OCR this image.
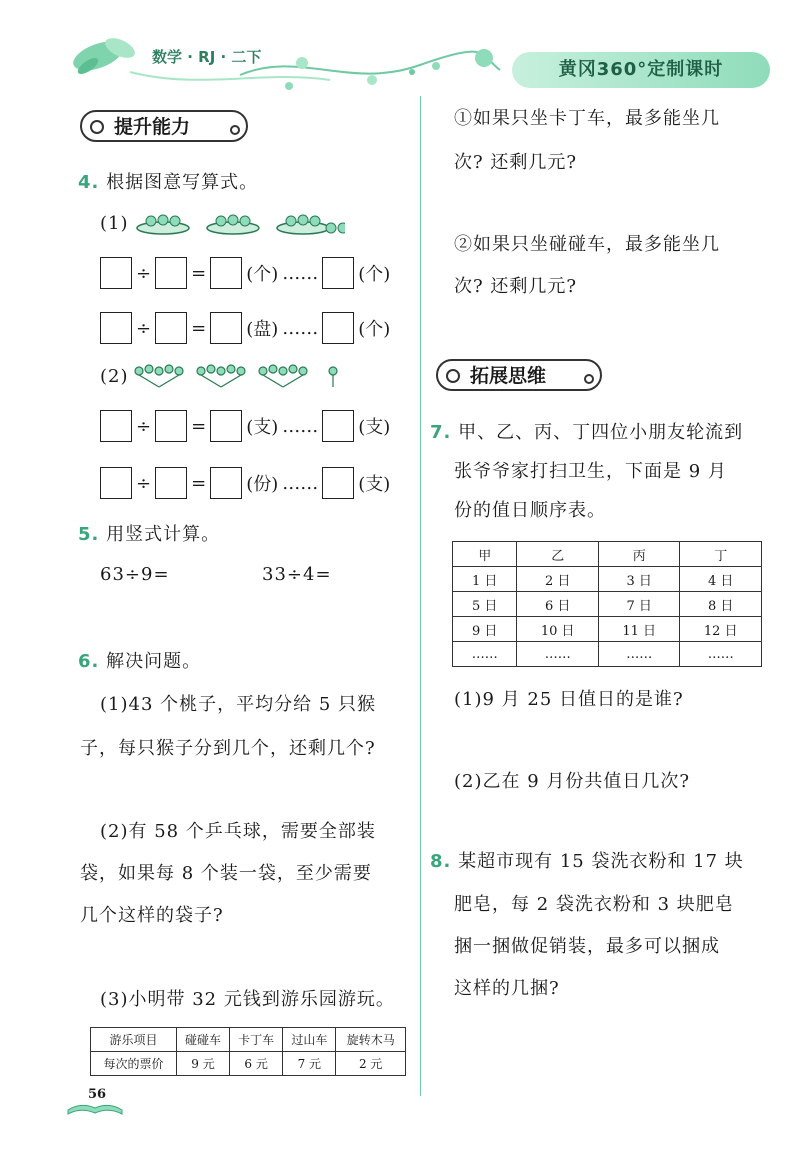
数学 · RJ · 二下
黄冈360°定制课时
提升能力
4. 根据图意写算式。
(1)
÷ = (个) …… (个)
÷ = (盘) …… (个)
(2)
÷ = (支) …… (支)
÷ = (份) …… (支)
5. 用竖式计算。
63÷9=	33÷4=
6. 解决问题。
(1)43 个桃子，平均分给 5 只猴
子，每只猴子分到几个，还剩几个?
(2)有 58 个乒乓球，需要全部装
袋，如果每 8 个装一袋，至少需要
几个这样的袋子?
(3)小明带 32 元钱到游乐园游玩。
游乐项目	碰碰车	卡丁车	过山车	旋转木马
每次的票价	9 元	6 元	7 元	2 元
①如果只坐卡丁车，最多能坐几
次? 还剩几元?
②如果只坐碰碰车，最多能坐几
次? 还剩几元?
拓展思维
7. 甲、乙、丙、丁四位小朋友轮流到
张爷爷家打扫卫生，下面是 9 月
份的值日顺序表。
甲	乙	丙	丁
1 日	2 日	3 日	4 日
5 日	6 日	7 日	8 日
9 日	10 日	11 日	12 日
……	……	……	……
(1)9 月 25 日值日的是谁?
(2)乙在 9 月份共值日几次?
8. 某超市现有 15 袋洗衣粉和 17 块
肥皂，每 2 袋洗衣粉和 3 块肥皂
捆一捆做促销装，最多可以捆成
这样的几捆?
56
